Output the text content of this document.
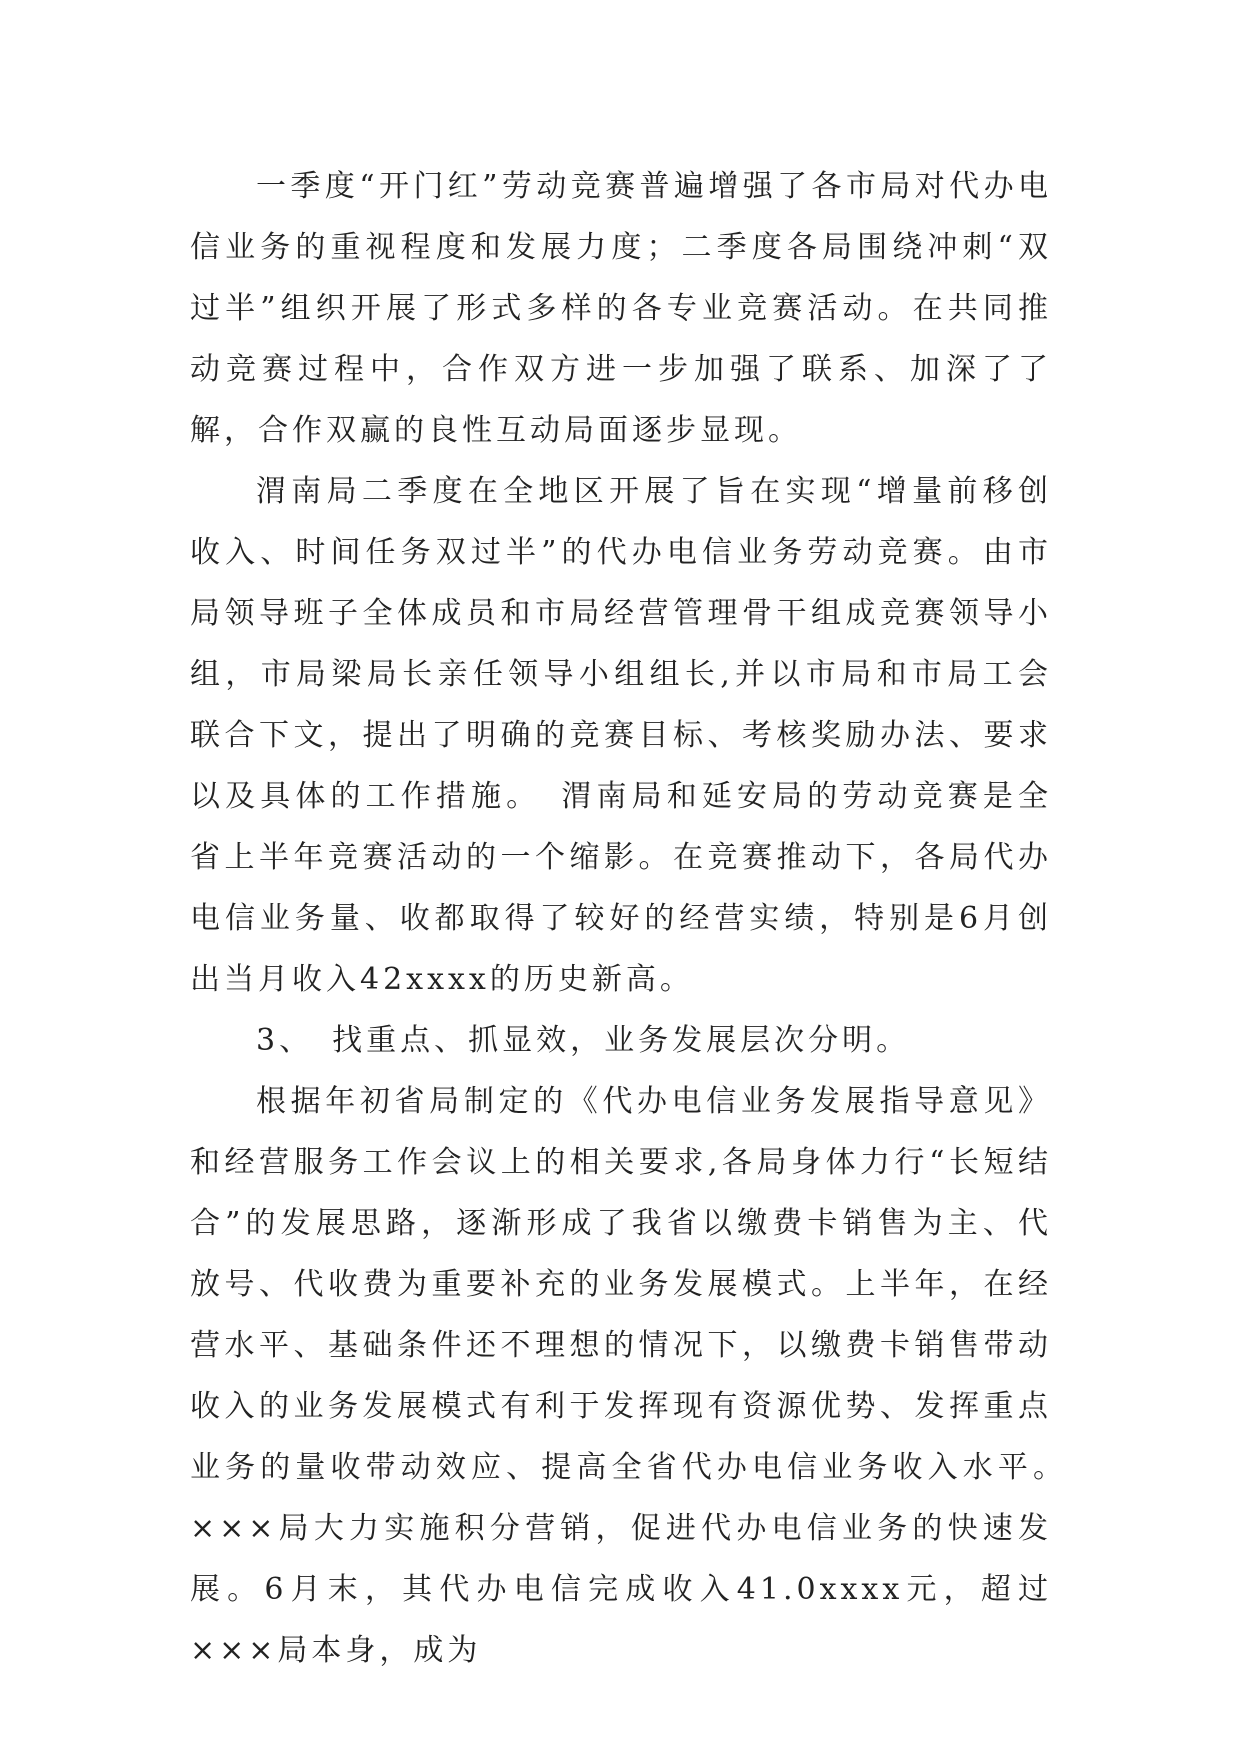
一季度“开门红”劳动竞赛普遍增强了各市局对代办电信业务的重视程度和发展力度；二季度各局围绕冲刺“双过半”组织开展了形式多样的各专业竞赛活动。在共同推动竞赛过程中，合作双方进一步加强了联系、加深了了解，合作双赢的良性互动局面逐步显现。

渭南局二季度在全地区开展了旨在实现“增量前移创收入、时间任务双过半”的代办电信业务劳动竞赛。由市局领导班子全体成员和市局经营管理骨干组成竞赛领导小组，市局梁局长亲任领导小组组长,并以市局和市局工会联合下文，提出了明确的竞赛目标、考核奖励办法、要求以及具体的工作措施。　渭南局和延安局的劳动竞赛是全省上半年竞赛活动的一个缩影。在竞赛推动下，各局代办电信业务量、收都取得了较好的经营实绩，特别是6月创出当月收入42xxxx的历史新高。

3、　找重点、抓显效，业务发展层次分明。

根据年初省局制定的《代办电信业务发展指导意见》和经营服务工作会议上的相关要求,各局身体力行“长短结合”的发展思路，逐渐形成了我省以缴费卡销售为主、代放号、代收费为重要补充的业务发展模式。上半年，在经营水平、基础条件还不理想的情况下，以缴费卡销售带动收入的业务发展模式有利于发挥现有资源优势、发挥重点业务的量收带动效应、提高全省代办电信业务收入水平。　×××局大力实施积分营销，促进代办电信业务的快速发展。6月末，其代办电信完成收入41.0xxxx元，超过×××局本身，成为
